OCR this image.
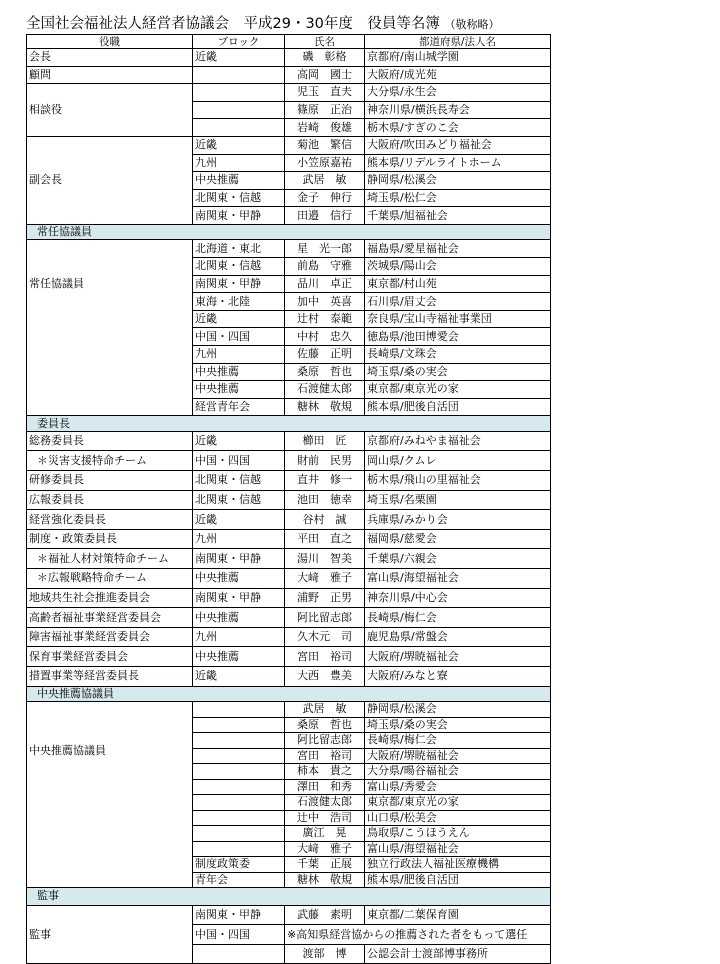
全国社会福祉法人経営者協議会　平成29・30年度　役員等名簿 （敬称略）
役職	ブロック	氏名	都道府県/法人名
会長	近畿	磯　彰格	京都府/南山城学園
顧問		高岡　國士	大阪府/成光苑
相談役		児玉　直夫	大分県/永生会
		篠原　正治	神奈川県/横浜長寿会
		岩崎　俊雄	栃木県/すぎのこ会
副会長	近畿	菊池　繁信	大阪府/吹田みどり福祉会
	九州	小笠原嘉祐	熊本県/リデルライトホーム
	中央推薦	武居　敏	静岡県/松溪会
	北関東・信越	金子　伸行	埼玉県/松仁会
	南関東・甲静	田邉　信行	千葉県/旭福祉会
常任協議員			
常任協議員	北海道・東北	星　光一郎	福島県/愛星福祉会
	北関東・信越	前島　守雅	茨城県/陽山会
	南関東・甲静	品川　卓正	東京都/村山苑
	東海・北陸	加中　英喜	石川県/眉丈会
	近畿	辻村　泰範	奈良県/宝山寺福祉事業団
	中国・四国	中村　忠久	徳島県/池田博愛会
	九州	佐藤　正明	長崎県/文珠会
	中央推薦	桑原　哲也	埼玉県/桑の実会
	中央推薦	石渡健太郎	東京都/東京光の家
	経営青年会	糖林　敬規	熊本県/肥後自活団
委員長			
総務委員長	近畿	櫛田　匠	京都府/みねやま福祉会
＊災害支援特命チーム	中国・四国	財前　民男	岡山県/クムレ
研修委員長	北関東・信越	直井　修一	栃木県/飛山の里福祉会
広報委員長	北関東・信越	池田　徳幸	埼玉県/名栗園
経営強化委員長	近畿	谷村　誠	兵庫県/みかり会
制度・政策委員長	九州	平田　直之	福岡県/慈愛会
＊福祉人材対策特命チーム	南関東・甲静	湯川　智美	千葉県/六親会
＊広報戦略特命チーム	中央推薦	大﨑　雅子	富山県/海望福祉会
地域共生社会推進委員会	南関東・甲静	浦野　正男	神奈川県/中心会
高齢者福祉事業経営委員会	中央推薦	阿比留志郎	長崎県/梅仁会
障害福祉事業経営委員会	九州	久木元　司	鹿児島県/常盤会
保育事業経営委員会	中央推薦	宮田　裕司	大阪府/堺暁福祉会
措置事業等経営委員長	近畿	大西　豊美	大阪府/みなと寮
中央推薦協議員			
中央推薦協議員		武居　敏	静岡県/松溪会
		桑原　哲也	埼玉県/桑の実会
		阿比留志郎	長崎県/梅仁会
		宮田　裕司	大阪府/堺暁福祉会
		柿本　貴之	大分県/暘谷福祉会
		澤田　和秀	富山県/秀愛会
		石渡健太郎	東京都/東京光の家
		辻中　浩司	山口県/松美会
		廣江　晃	鳥取県/こうほうえん
		大﨑　雅子	富山県/海望福祉会
	制度政策委	千葉　正展	独立行政法人福祉医療機構
	青年会	糖林　敬規	熊本県/肥後自活団
監事			
監事	南関東・甲静	武藤　素明	東京都/二葉保育園
	中国・四国	※高知県経営協からの推薦された者をもって選任	
		渡部　博	公認会計士渡部博事務所
